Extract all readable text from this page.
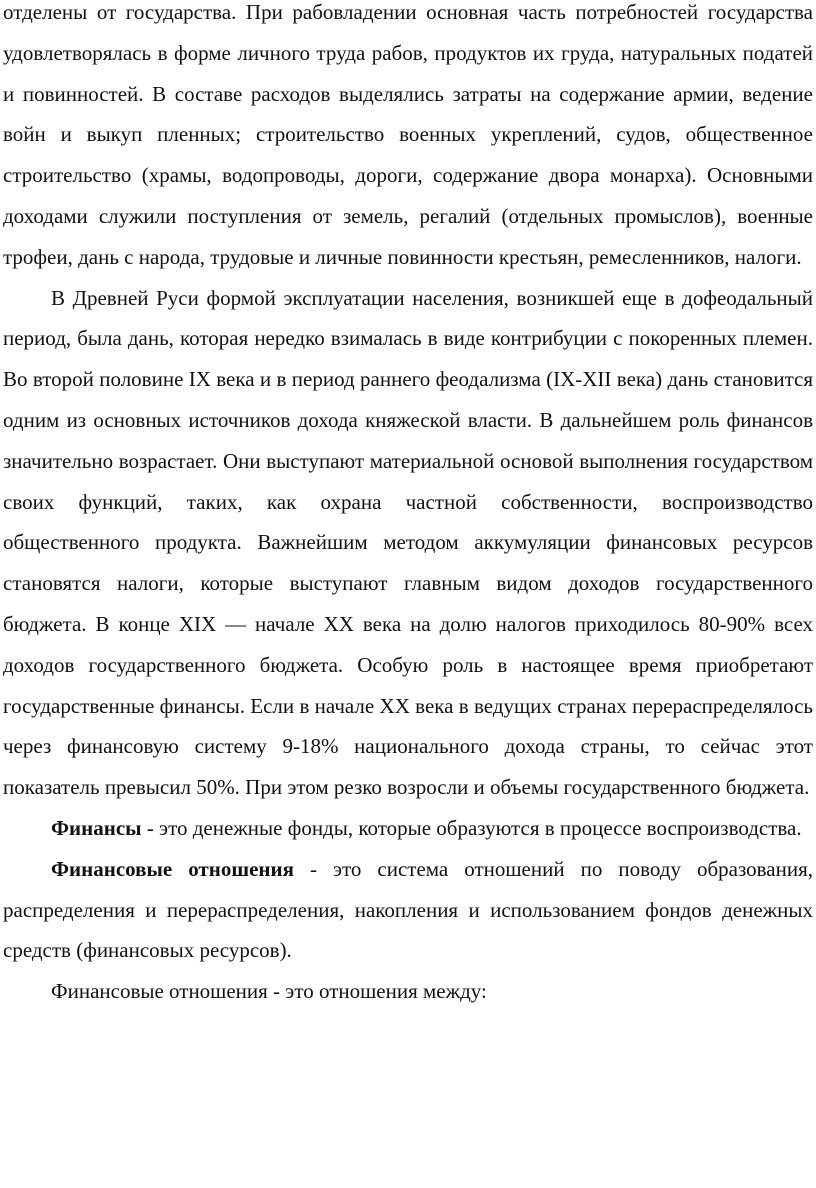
отделены от государства. При рабовладении основная часть потребностей государства удовлетворялась в форме личного труда рабов, продуктов их груда, натуральных податей и повинностей. В составе расходов выделялись затраты на содержание армии, ведение войн и выкуп пленных; строительство военных укреплений, судов, общественное строительство (храмы, водопроводы, дороги, содержание двора монарха). Основными доходами служили поступления от земель, регалий (отдельных промыслов), военные трофеи, дань с народа, трудовые и личные повинности крестьян, ремесленников, налоги.

В Древней Руси формой эксплуатации населения, возникшей еще в дофеодальный период, была дань, которая нередко взималась в виде контрибуции с покоренных племен. Во второй половине IX века и в период раннего феодализма (IX-XII века) дань становится одним из основных источников дохода княжеской власти. В дальнейшем роль финансов значительно возрастает. Они выступают материальной основой выполнения государством своих функций, таких, как охрана частной собственности, воспроизводство общественного продукта. Важнейшим методом аккумуляции финансовых ресурсов становятся налоги, которые выступают главным видом доходов государственного бюджета. В конце XIX — начале XX века на долю налогов приходилось 80-90% всех доходов государственного бюджета. Особую роль в настоящее время приобретают государственные финансы. Если в начале XX века в ведущих странах перераспределялось через финансовую систему 9-18% национального дохода страны, то сейчас этот показатель превысил 50%. При этом резко возросли и объемы государственного бюджета.

Финансы - это денежные фонды, которые образуются в процессе воспроизводства.

Финансовые отношения - это система отношений по поводу образования, распределения и перераспределения, накопления и использованием фондов денежных средств (финансовых ресурсов).

Финансовые отношения - это отношения между:
